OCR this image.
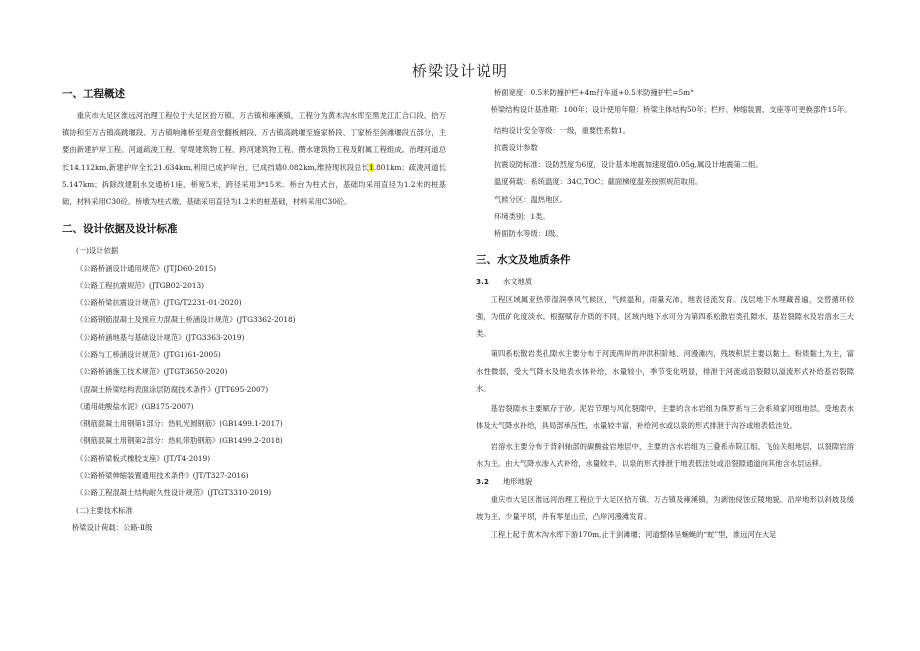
桥梁设计说明
一、工程概述

重庆市大足区淮远河治理工程位于大足区拾万镇、万古镇和雍溪镇，工程分为黄木沟水库至黑龙江汇合口段、拾万镇协和至万古镇高跳堰段、万古镇响滩桥至观音堂翻板闸段、万古镇高跳堰至施家桥段、丁家桥至剑滩堰段五部分，主要由新建护岸工程、河道疏浚工程、穿堤建筑物工程、跨河建筑物工程、攒水建筑物工程及附属工程组成。治理河道总长14.112km,新建护岸全长21.634km,利用已成护岸台、已成挡墙0.082km,维持现状段总长1.801km；疏浚河道长5.147km；拆除改建阻水交通桥1座，桥宽5米，跨径采用3*15米。桥台为柱式台，基础均采用直径为1.2米的桩基础，材料采用C30砼。桥墩为柱式墩，基础采用直径为1.2米的桩基础，材料采用C30砼。

二、设计依据及设计标准
(一)设计依据
《公路桥涵设计通用规范》(JTJD60-2015)
《公路工程抗震规范》(JTGB02-2013)
《公路桥梁抗震设计规范》(JTG/T2231-01-2020)
《公路钢筋混凝土及预应力混凝土桥涵设计规范》(JTG3362-2018)
《公路桥涵地基与基础设计规范》(JTG3363-2019)
《公路与工桥涵设计规范》(JTG1)61-2005)
《公路桥涵施工技术规范》(JTGT3650-2020)
《混凝土桥梁结构表面涂层防腐技术条件》(JTT695-2007)
《通用硅酸盐水泥》(GB175-2007)
《钢筋混凝土用钢第1部分：热轧光圆钢筋》(GB1499.1-2017)
《钢筋混凝土用钢第2部分：热轧带肋钢筋》(GB1499.2-2018)
《公路桥梁板式橡胶支座》(JT/T4-2019)
《公路桥梁伸缩装置通用技术条件》(JT/T327-2016)
《公路工程混凝土结构耐久性设计规范》(JTGT3310-2019)
(二)主要技术标准
桥梁设计荷载：公路-Ⅱ级
桥面宽度：0.5米防撞护栏+4m行车道+0.5米防撞护栏=5m°

桥梁结构设计基准期：100年；设计使用年限：桥梁主体结构50年；栏杆、伸缩装置、支座等可更换部件15年。

结构设计安全等级：一级，重要性系数1。
抗震设计参数
抗震设防标准：设防烈度为6度，设计基本地震加速度值0.05g,属设计地震第二组。
温度荷载：系统温度：34C,TOC；截面梯度温差按照规范取用。
气候分区：温热地区。
环境类别：1类。
桥面防水等级：I级。
三、水文及地质条件
3.1 水文地质

工程区域属亚热带湿润季风气候区，气候温和，雨量充沛，地表径流发育。浅层地下水埋藏普遍，交替循环较强，为低矿化度淡水。根据赋存介质的不同，区域内地下水可分为第四系松散岩类孔隙水、基岩裂隙水及岩溶水三大类。

第四系松散岩类孔隙水主要分布于河流两岸的冲洪积阶地、河漫滩内，残坡积层主要以黏土、粉质黏土为主，富水性微弱，受大气降水及地表水体补给，水量较小，季节变化明显，排泄于河流或沿裂隙以溢流形式补给基岩裂隙水。

基岩裂隙水主要赋存于砂、泥岩节理与风化裂隙中，主要的含水岩组为侏罗系与三会系须家河组地层。受地表水体及大气降水补给，具局部承压性，水量较丰富，补给河水或以泉的形式排泄于沟谷或地表低洼处。

岩溶水主要分布于背斜轴部的碳酸盐岩地层中，主要的含水岩组为三叠系赤院江组、飞仙关组地层，以裂隙岩溶水为主。由大气降水渗入式补给，水量较丰，以泉的形式排泄于地表低洼处或沿裂隙通道向其他含水层运移。

3.2 地形地貌

重庆市大足区淮远河治理工程位于大足区拾万镇、万古镇及雍溪镇，为剥蚀侵蚀丘陵地貌。沿岸地形以斜坡及缓坡为主、少量平坝，并有零星山丘，凸岸河漫滩发育。

工程上起于黄木沟水库下游170m,止于剑滩堰；河道整体呈蜿蜒的“蛇”型，淮远河在大足
